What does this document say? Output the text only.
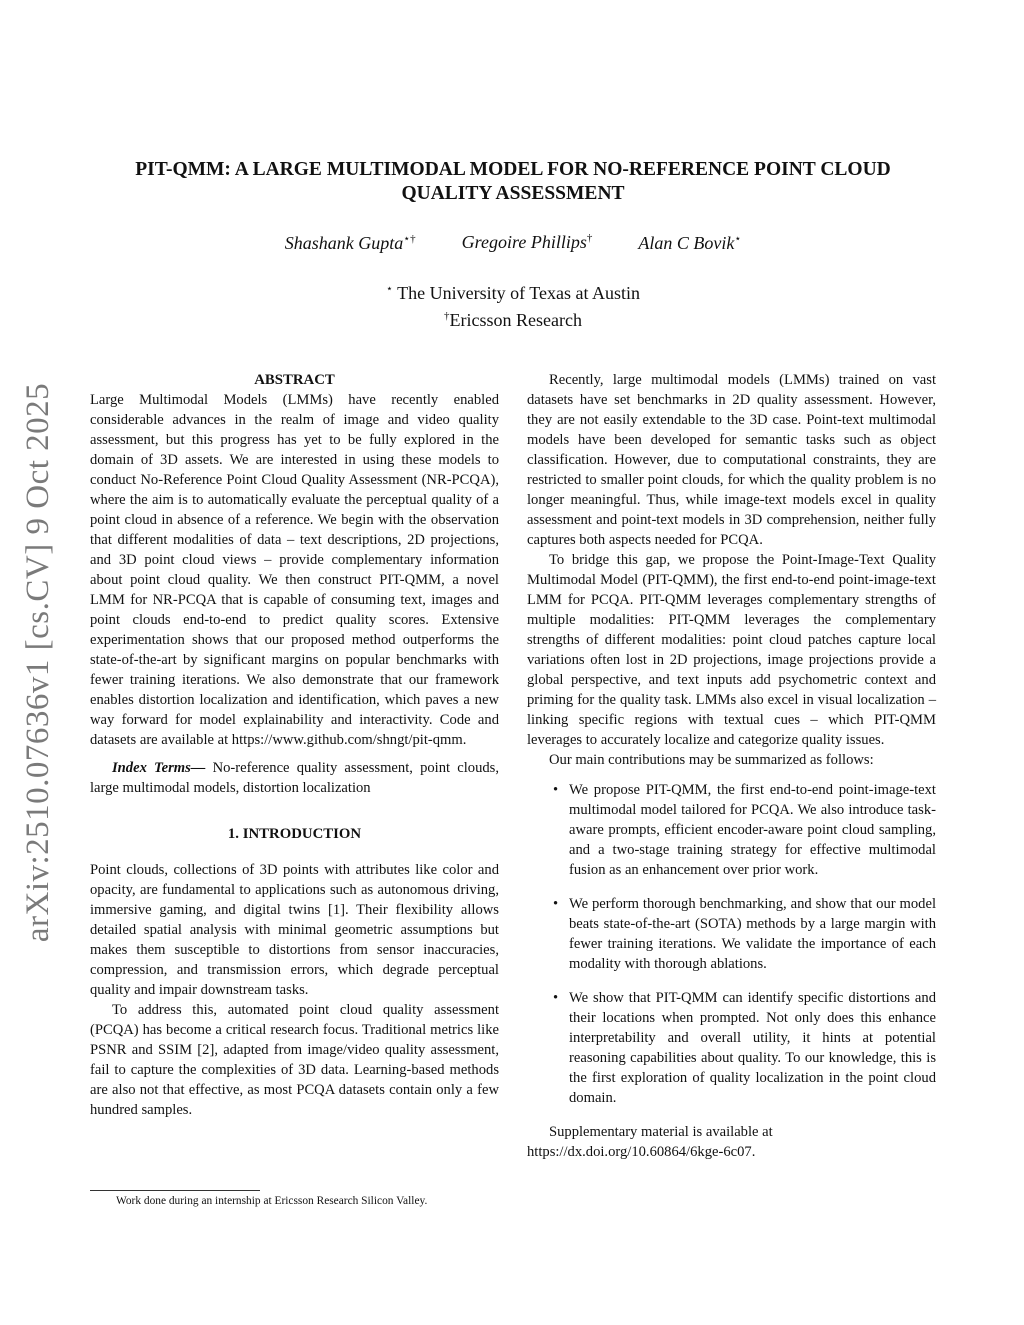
arXiv:2510.07636v1 [cs.CV] 9 Oct 2025
PIT-QMM: A LARGE MULTIMODAL MODEL FOR NO-REFERENCE POINT CLOUD QUALITY ASSESSMENT
Shashank Gupta⋆†	Gregoire Phillips†	Alan C Bovik⋆
⋆ The University of Texas at Austin
†Ericsson Research
ABSTRACT

Large Multimodal Models (LMMs) have recently enabled considerable advances in the realm of image and video quality assessment, but this progress has yet to be fully explored in the domain of 3D assets. We are interested in using these models to conduct No-Reference Point Cloud Quality Assessment (NR-PCQA), where the aim is to automatically evaluate the perceptual quality of a point cloud in absence of a reference. We begin with the observation that different modalities of data – text descriptions, 2D projections, and 3D point cloud views – provide complementary information about point cloud quality. We then construct PIT-QMM, a novel LMM for NR-PCQA that is capable of consuming text, images and point clouds end-to-end to predict quality scores. Extensive experimentation shows that our proposed method outperforms the state-of-the-art by significant margins on popular benchmarks with fewer training iterations. We also demonstrate that our framework enables distortion localization and identification, which paves a new way forward for model explainability and interactivity. Code and datasets are available at https://www.github.com/shngt/pit-qmm.

Index Terms— No-reference quality assessment, point clouds, large multimodal models, distortion localization

1. INTRODUCTION

Point clouds, collections of 3D points with attributes like color and opacity, are fundamental to applications such as autonomous driving, immersive gaming, and digital twins [1]. Their flexibility allows detailed spatial analysis with minimal geometric assumptions but makes them susceptible to distortions from sensor inaccuracies, compression, and transmission errors, which degrade perceptual quality and impair downstream tasks.

To address this, automated point cloud quality assessment (PCQA) has become a critical research focus. Traditional metrics like PSNR and SSIM [2], adapted from image/video quality assessment, fail to capture the complexities of 3D data. Learning-based methods are also not that effective, as most PCQA datasets contain only a few hundred samples.

Work done during an internship at Ericsson Research Silicon Valley.

Recently, large multimodal models (LMMs) trained on vast datasets have set benchmarks in 2D quality assessment. However, they are not easily extendable to the 3D case. Point-text multimodal models have been developed for semantic tasks such as object classification. However, due to computational constraints, they are restricted to smaller point clouds, for which the quality problem is no longer meaningful. Thus, while image-text models excel in quality assessment and point-text models in 3D comprehension, neither fully captures both aspects needed for PCQA.

To bridge this gap, we propose the Point-Image-Text Quality Multimodal Model (PIT-QMM), the first end-to-end point-image-text LMM for PCQA. PIT-QMM leverages complementary strengths of multiple modalities: PIT-QMM leverages the complementary strengths of different modalities: point cloud patches capture local variations often lost in 2D projections, image projections provide a global perspective, and text inputs add psychometric context and priming for the quality task. LMMs also excel in visual localization – linking specific regions with textual cues – which PIT-QMM leverages to accurately localize and categorize quality issues.

Our main contributions may be summarized as follows:

• We propose PIT-QMM, the first end-to-end point-image-text multimodal model tailored for PCQA. We also introduce task-aware prompts, efficient encoder-aware point cloud sampling, and a two-stage training strategy for effective multimodal fusion as an enhancement over prior work.
• We perform thorough benchmarking, and show that our model beats state-of-the-art (SOTA) methods by a large margin with fewer training iterations. We validate the importance of each modality with thorough ablations.
• We show that PIT-QMM can identify specific distortions and their locations when prompted. Not only does this enhance interpretability and overall utility, it hints at potential reasoning capabilities about quality. To our knowledge, this is the first exploration of quality localization in the point cloud domain.

Supplementary material is available at
https://dx.doi.org/10.60864/6kge-6c07.
